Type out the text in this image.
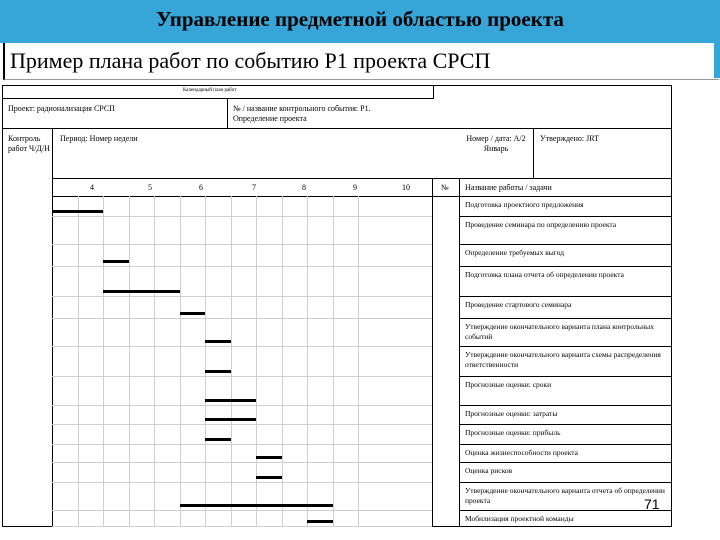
Управление предметной областью проекта
Пример плана работ по событию Р1 проекта СРСП
Календарный план работ
Проект: радионализация СРСП	№ / название контрольного события: Р1. Определение проекта
Контроль работ Ч/Д/Н
Период: Номер недели	Номер / дата: А/2 Январь
Утверждено: JRT
4	5	6	7	8	9	10	№ Название работы / задачи
Подготовка проектного предложения
Проведение семинара по определению проекта
Определение требуемых выгод
Подготовка плана отчета об определении проекта
Проведение стартового семинара
Утверждение окончательного варианта плана контрольных событий
Утверждение окончательного варианта схемы распределения ответственности
Прогнозные оценки: сроки
Прогнозные оценки: затраты
Прогнозные оценки: прибыль
Оценка жизнеспособности проекта
Оценка рисков
Утверждение окончательного варианта отчета об определении проекта
Мобилизация проектной команды
71
